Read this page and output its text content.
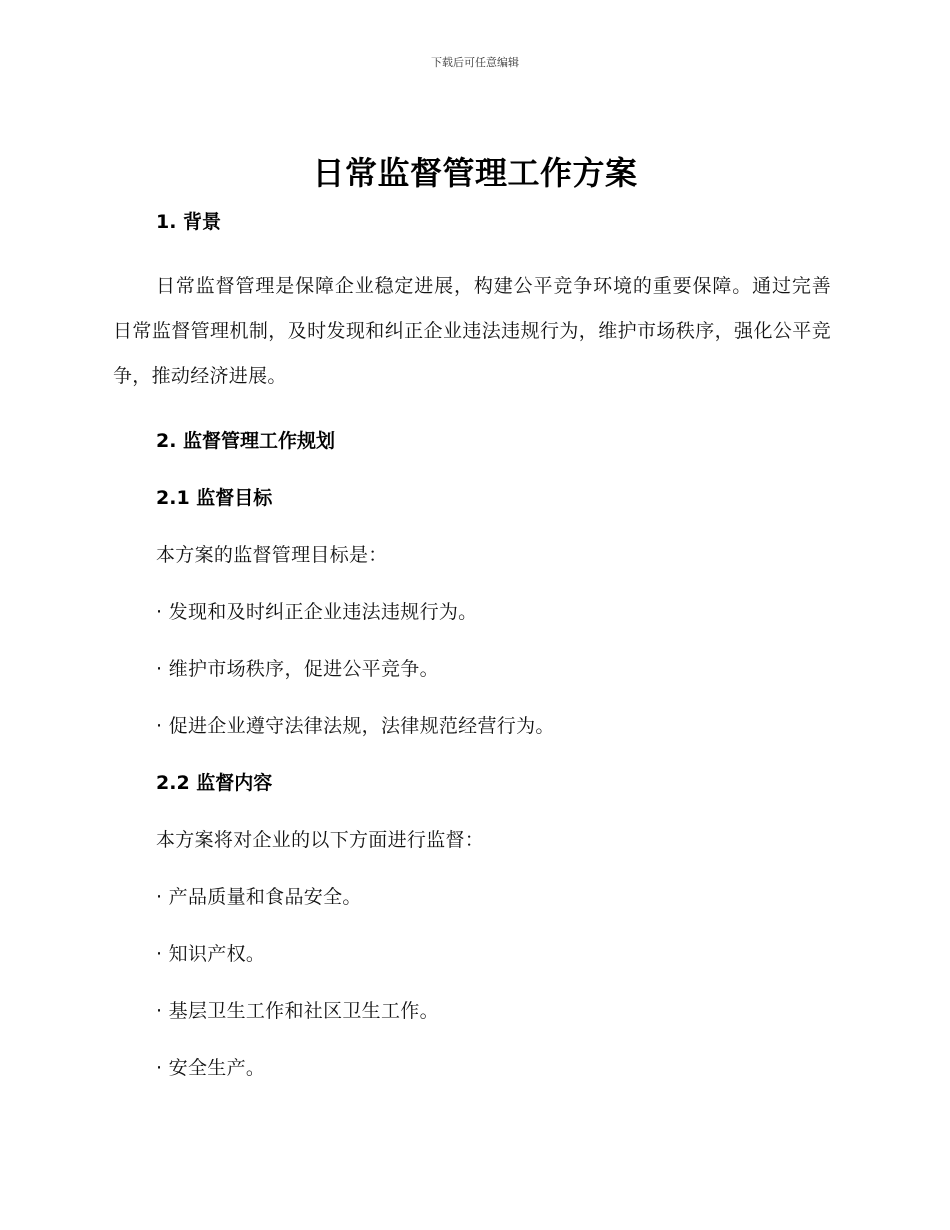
下载后可任意编辑
日常监督管理工作方案
1. 背景
日常监督管理是保障企业稳定进展，构建公平竞争环境的重要保障。通过完善日常监督管理机制，及时发现和纠正企业违法违规行为，维护市场秩序，强化公平竞争，推动经济进展。
2. 监督管理工作规划
2.1 监督目标
本方案的监督管理目标是：
· 发现和及时纠正企业违法违规行为。
· 维护市场秩序，促进公平竞争。
· 促进企业遵守法律法规，法律规范经营行为。
2.2 监督内容
本方案将对企业的以下方面进行监督：
· 产品质量和食品安全。
· 知识产权。
· 基层卫生工作和社区卫生工作。
· 安全生产。
